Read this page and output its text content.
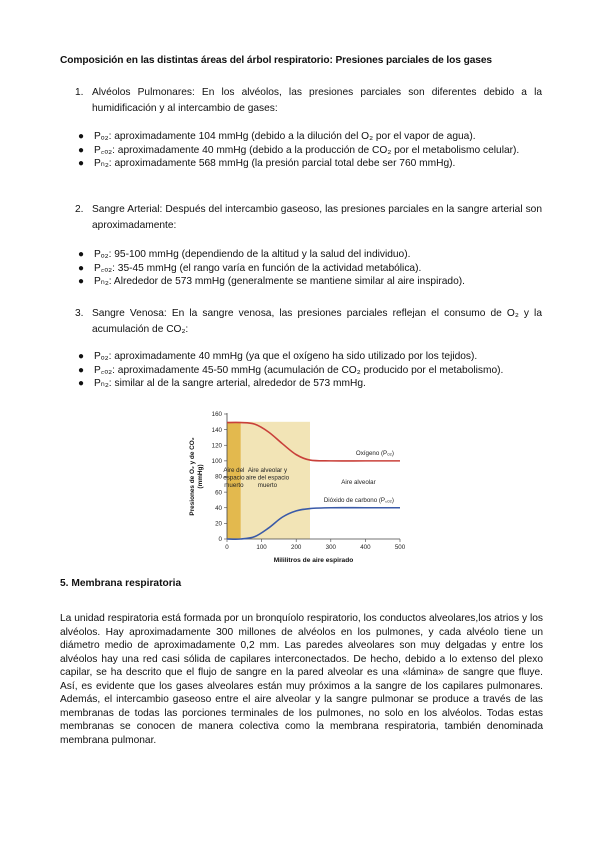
Composición en las distintas áreas del árbol respiratorio: Presiones parciales de los gases
1. Alvéolos Pulmonares: En los alvéolos, las presiones parciales son diferentes debido a la humidificación y al intercambio de gases:
● Pₒ₂: aproximadamente 104 mmHg (debido a la dilución del O₂ por el vapor de agua).
● P꜀ₒ₂: aproximadamente 40 mmHg (debido a la producción de CO₂ por el metabolismo celular).
● Pₙ₂: aproximadamente 568 mmHg (la presión parcial total debe ser 760 mmHg).
2. Sangre Arterial: Después del intercambio gaseoso, las presiones parciales en la sangre arterial son aproximadamente:
● Pₒ₂: 95-100 mmHg (dependiendo de la altitud y la salud del individuo).
● P꜀ₒ₂: 35-45 mmHg (el rango varía en función de la actividad metabólica).
● Pₙ₂: Alrededor de 573 mmHg (generalmente se mantiene similar al aire inspirado).
3. Sangre Venosa: En la sangre venosa, las presiones parciales reflejan el consumo de O₂ y la acumulación de CO₂:
● Pₒ₂: aproximadamente 40 mmHg (ya que el oxígeno ha sido utilizado por los tejidos).
● P꜀ₒ₂: aproximadamente 45-50 mmHg (acumulación de CO₂ producido por el metabolismo).
● Pₙ₂: similar al de la sangre arterial, alrededor de 573 mmHg.
Aire del
espacio
muerto
Aire alveolar y
aire del espacio
muerto	Aire alveolar
0
20
40
60
80
100
120
140
160
0	100	200	300	400	500
Mililitros de aire espirado
Presiones de O₂ y de CO₂ (mmHg)
Oxígeno (Pₒ₂)
Dióxido de carbono (P꜀ₒ₂)
5. Membrana respiratoria
La unidad respiratoria está formada por un bronquíolo respiratorio, los conductos alveolares,los atrios y los alvéolos. Hay aproximadamente 300 millones de alvéolos en los pulmones, y cada alvéolo tiene un diámetro medio de aproximadamente 0,2 mm. Las paredes alveolares son muy delgadas y entre los alvéolos hay una red casi sólida de capilares interconectados. De hecho, debido a lo extenso del plexo capilar, se ha descrito que el flujo de sangre en la pared alveolar es una «lámina» de sangre que fluye. Así, es evidente que los gases alveolares están muy próximos a la sangre de los capilares pulmonares. Además, el intercambio gaseoso entre el aire alveolar y la sangre pulmonar se produce a través de las membranas de todas las porciones terminales de los pulmones, no solo en los alvéolos. Todas estas membranas se conocen de manera colectiva como la membrana respiratoria, también denominada membrana pulmonar.
